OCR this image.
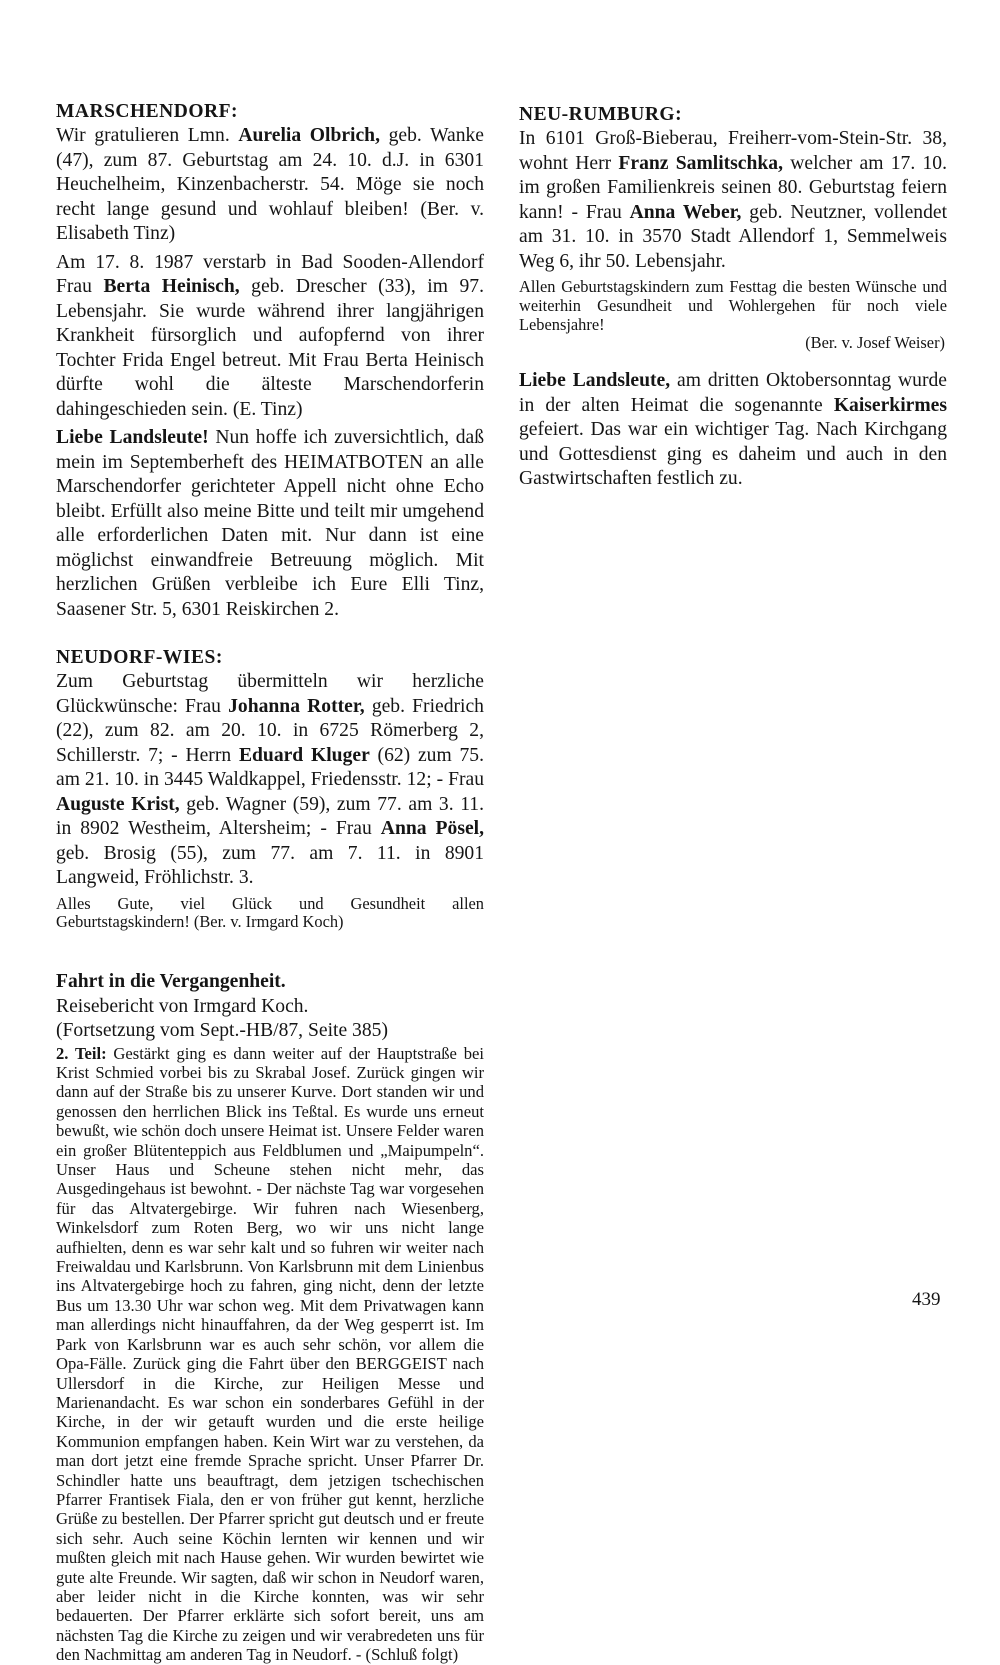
MARSCHENDORF:

Wir gratulieren Lmn. Aurelia Olbrich, geb. Wanke (47), zum 87. Geburtstag am 24. 10. d.J. in 6301 Heuchelheim, Kinzenbacherstr. 54. Möge sie noch recht lange gesund und wohlauf bleiben! (Ber. v. Elisabeth Tinz)

Am 17. 8. 1987 verstarb in Bad Sooden-Allendorf Frau Berta Heinisch, geb. Drescher (33), im 97. Lebensjahr. Sie wurde während ihrer langjährigen Krankheit fürsorglich und aufopfernd von ihrer Tochter Frida Engel betreut. Mit Frau Berta Heinisch dürfte wohl die älteste Marschendorferin dahingeschieden sein. (E. Tinz)

Liebe Landsleute! Nun hoffe ich zuversichtlich, daß mein im Septemberheft des HEIMATBOTEN an alle Marschendorfer gerichteter Appell nicht ohne Echo bleibt. Erfüllt also meine Bitte und teilt mir umgehend alle erforderlichen Daten mit. Nur dann ist eine möglichst einwandfreie Betreuung möglich. Mit herzlichen Grüßen verbleibe ich Eure Elli Tinz, Saasener Str. 5, 6301 Reiskirchen 2.

NEUDORF-WIES:

Zum Geburtstag übermitteln wir herzliche Glückwünsche: Frau Johanna Rotter, geb. Friedrich (22), zum 82. am 20. 10. in 6725 Römerberg 2, Schillerstr. 7; - Herrn Eduard Kluger (62) zum 75. am 21. 10. in 3445 Waldkappel, Friedensstr. 12; - Frau Auguste Krist, geb. Wagner (59), zum 77. am 3. 11. in 8902 Westheim, Altersheim; - Frau Anna Pösel, geb. Brosig (55), zum 77. am 7. 11. in 8901 Langweid, Fröhlichstr. 3.

Alles Gute, viel Glück und Gesundheit allen Geburtstagskindern! (Ber. v. Irmgard Koch)

Fahrt in die Vergangenheit.

Reisebericht von Irmgard Koch.

(Fortsetzung vom Sept.-HB/87, Seite 385)

2. Teil: Gestärkt ging es dann weiter auf der Hauptstraße bei Krist Schmied vorbei bis zu Skrabal Josef. Zurück gingen wir dann auf der Straße bis zu unserer Kurve. Dort standen wir und genossen den herrlichen Blick ins Teßtal. Es wurde uns erneut bewußt, wie schön doch unsere Heimat ist. Unsere Felder waren ein großer Blütenteppich aus Feldblumen und „Maipumpeln“. Unser Haus und Scheune stehen nicht mehr, das Ausgedingehaus ist bewohnt. - Der nächste Tag war vorgesehen für das Altvatergebirge. Wir fuhren nach Wiesenberg, Winkelsdorf zum Roten Berg, wo wir uns nicht lange aufhielten, denn es war sehr kalt und so fuhren wir weiter nach Freiwaldau und Karlsbrunn. Von Karlsbrunn mit dem Linienbus ins Altvatergebirge hoch zu fahren, ging nicht, denn der letzte Bus um 13.30 Uhr war schon weg. Mit dem Privatwagen kann man allerdings nicht hinauffahren, da der Weg gesperrt ist. Im Park von Karlsbrunn war es auch sehr schön, vor allem die Opa-Fälle. Zurück ging die Fahrt über den BERGGEIST nach Ullersdorf in die Kirche, zur Heiligen Messe und Marienandacht. Es war schon ein sonderbares Gefühl in der Kirche, in der wir getauft wurden und die erste heilige Kommunion empfangen haben. Kein Wirt war zu verstehen, da man dort jetzt eine fremde Sprache spricht. Unser Pfarrer Dr. Schindler hatte uns beauftragt, dem jetzigen tschechischen Pfarrer Frantisek Fiala, den er von früher gut kennt, herzliche Grüße zu bestellen. Der Pfarrer spricht gut deutsch und er freute sich sehr. Auch seine Köchin lernten wir kennen und wir mußten gleich mit nach Hause gehen. Wir wurden bewirtet wie gute alte Freunde. Wir sagten, daß wir schon in Neudorf waren, aber leider nicht in die Kirche konnten, was wir sehr bedauerten. Der Pfarrer erklärte sich sofort bereit, uns am nächsten Tag die Kirche zu zeigen und wir verabredeten uns für den Nachmittag am anderen Tag in Neudorf. - (Schluß folgt)

NEU-RUMBURG:

In 6101 Groß-Bieberau, Freiherr-vom-Stein-Str. 38, wohnt Herr Franz Samlitschka, welcher am 17. 10. im großen Familienkreis seinen 80. Geburtstag feiern kann! - Frau Anna Weber, geb. Neutzner, vollendet am 31. 10. in 3570 Stadt Allendorf 1, Semmelweis Weg 6, ihr 50. Lebensjahr.

Allen Geburtstagskindern zum Festtag die besten Wünsche und weiterhin Gesundheit und Wohlergehen für noch viele Lebensjahre!

(Ber. v. Josef Weiser)

Liebe Landsleute, am dritten Oktobersonntag wurde in der alten Heimat die sogenannte Kaiserkirmes gefeiert. Das war ein wichtiger Tag. Nach Kirchgang und Gottesdienst ging es daheim und auch in den Gastwirtschaften festlich zu.

439
